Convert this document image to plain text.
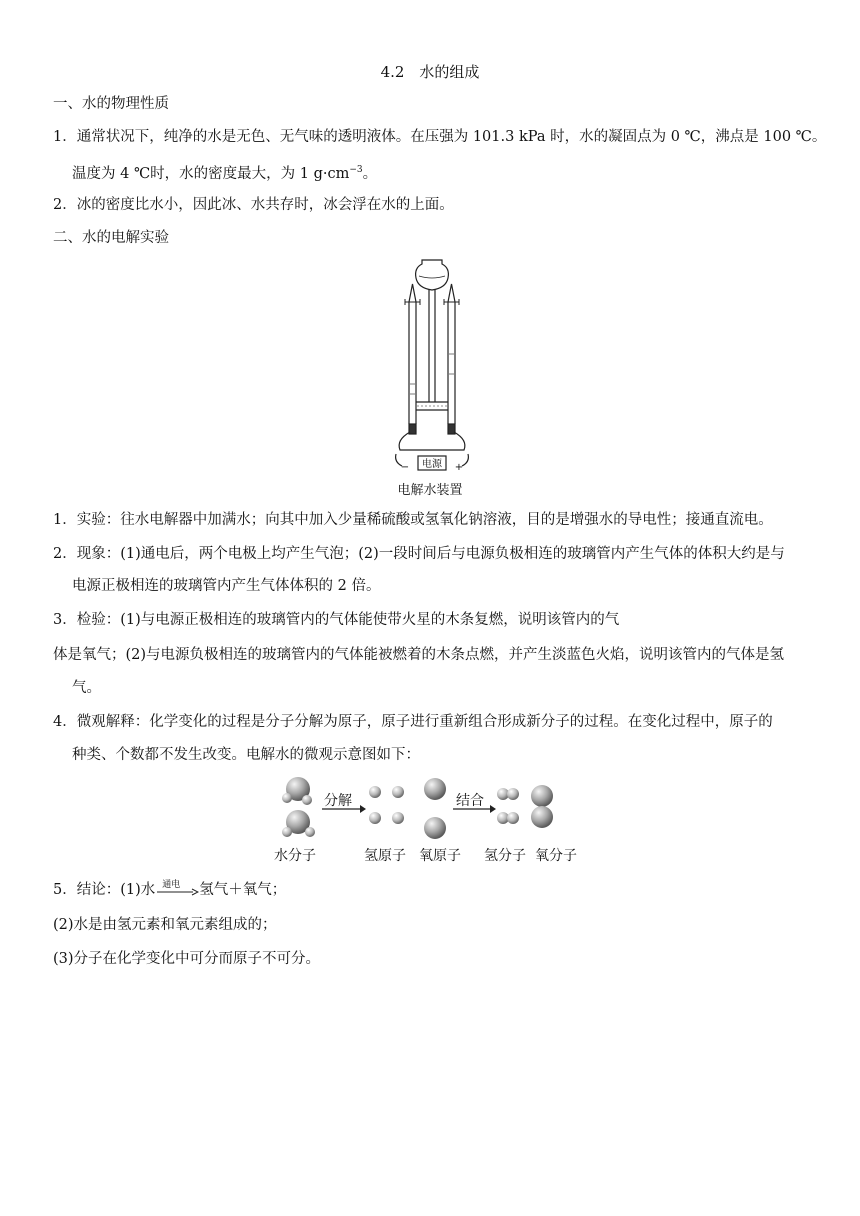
4.2　水的组成
一、水的物理性质
1．通常状况下，纯净的水是无色、无气味的透明液体。在压强为 101.3 kPa 时，水的凝固点为 0 ℃，沸点是 100 ℃。
温度为 4 ℃时，水的密度最大，为 1 $g\cdot cm^{-3}$。
2．冰的密度比水小，因此冰、水共存时，冰会浮在水的上面。
二、水的电解实验
电源
−	+
电解水装置
1．实验：往水电解器中加满水；向其中加入少量稀硫酸或氢氧化钠溶液，目的是增强水的导电性；接通直流电。
2．现象：(1)通电后，两个电极上均产生气泡；(2)一段时间后与电源负极相连的玻璃管内产生气体的体积大约是与
电源正极相连的玻璃管内产生气体体积的 2 倍。
3．检验：(1)与电源正极相连的玻璃管内的气体能使带火星的木条复燃，说明该管内的气
体是氧气；(2)与电源负极相连的玻璃管内的气体能被燃着的木条点燃，并产生淡蓝色火焰，说明该管内的气体是氢
气。
4．微观解释：化学变化的过程是分子分解为原子，原子进行重新组合形成新分子的过程。在变化过程中，原子的
种类、个数都不发生改变。电解水的微观示意图如下：
分解	结合
水分子	氢原子 氧原子 氢分子 氧分子
5．结论：(1)水 通电 氢气＋氧气；
(2)水是由氢元素和氧元素组成的；
(3)分子在化学变化中可分而原子不可分。
